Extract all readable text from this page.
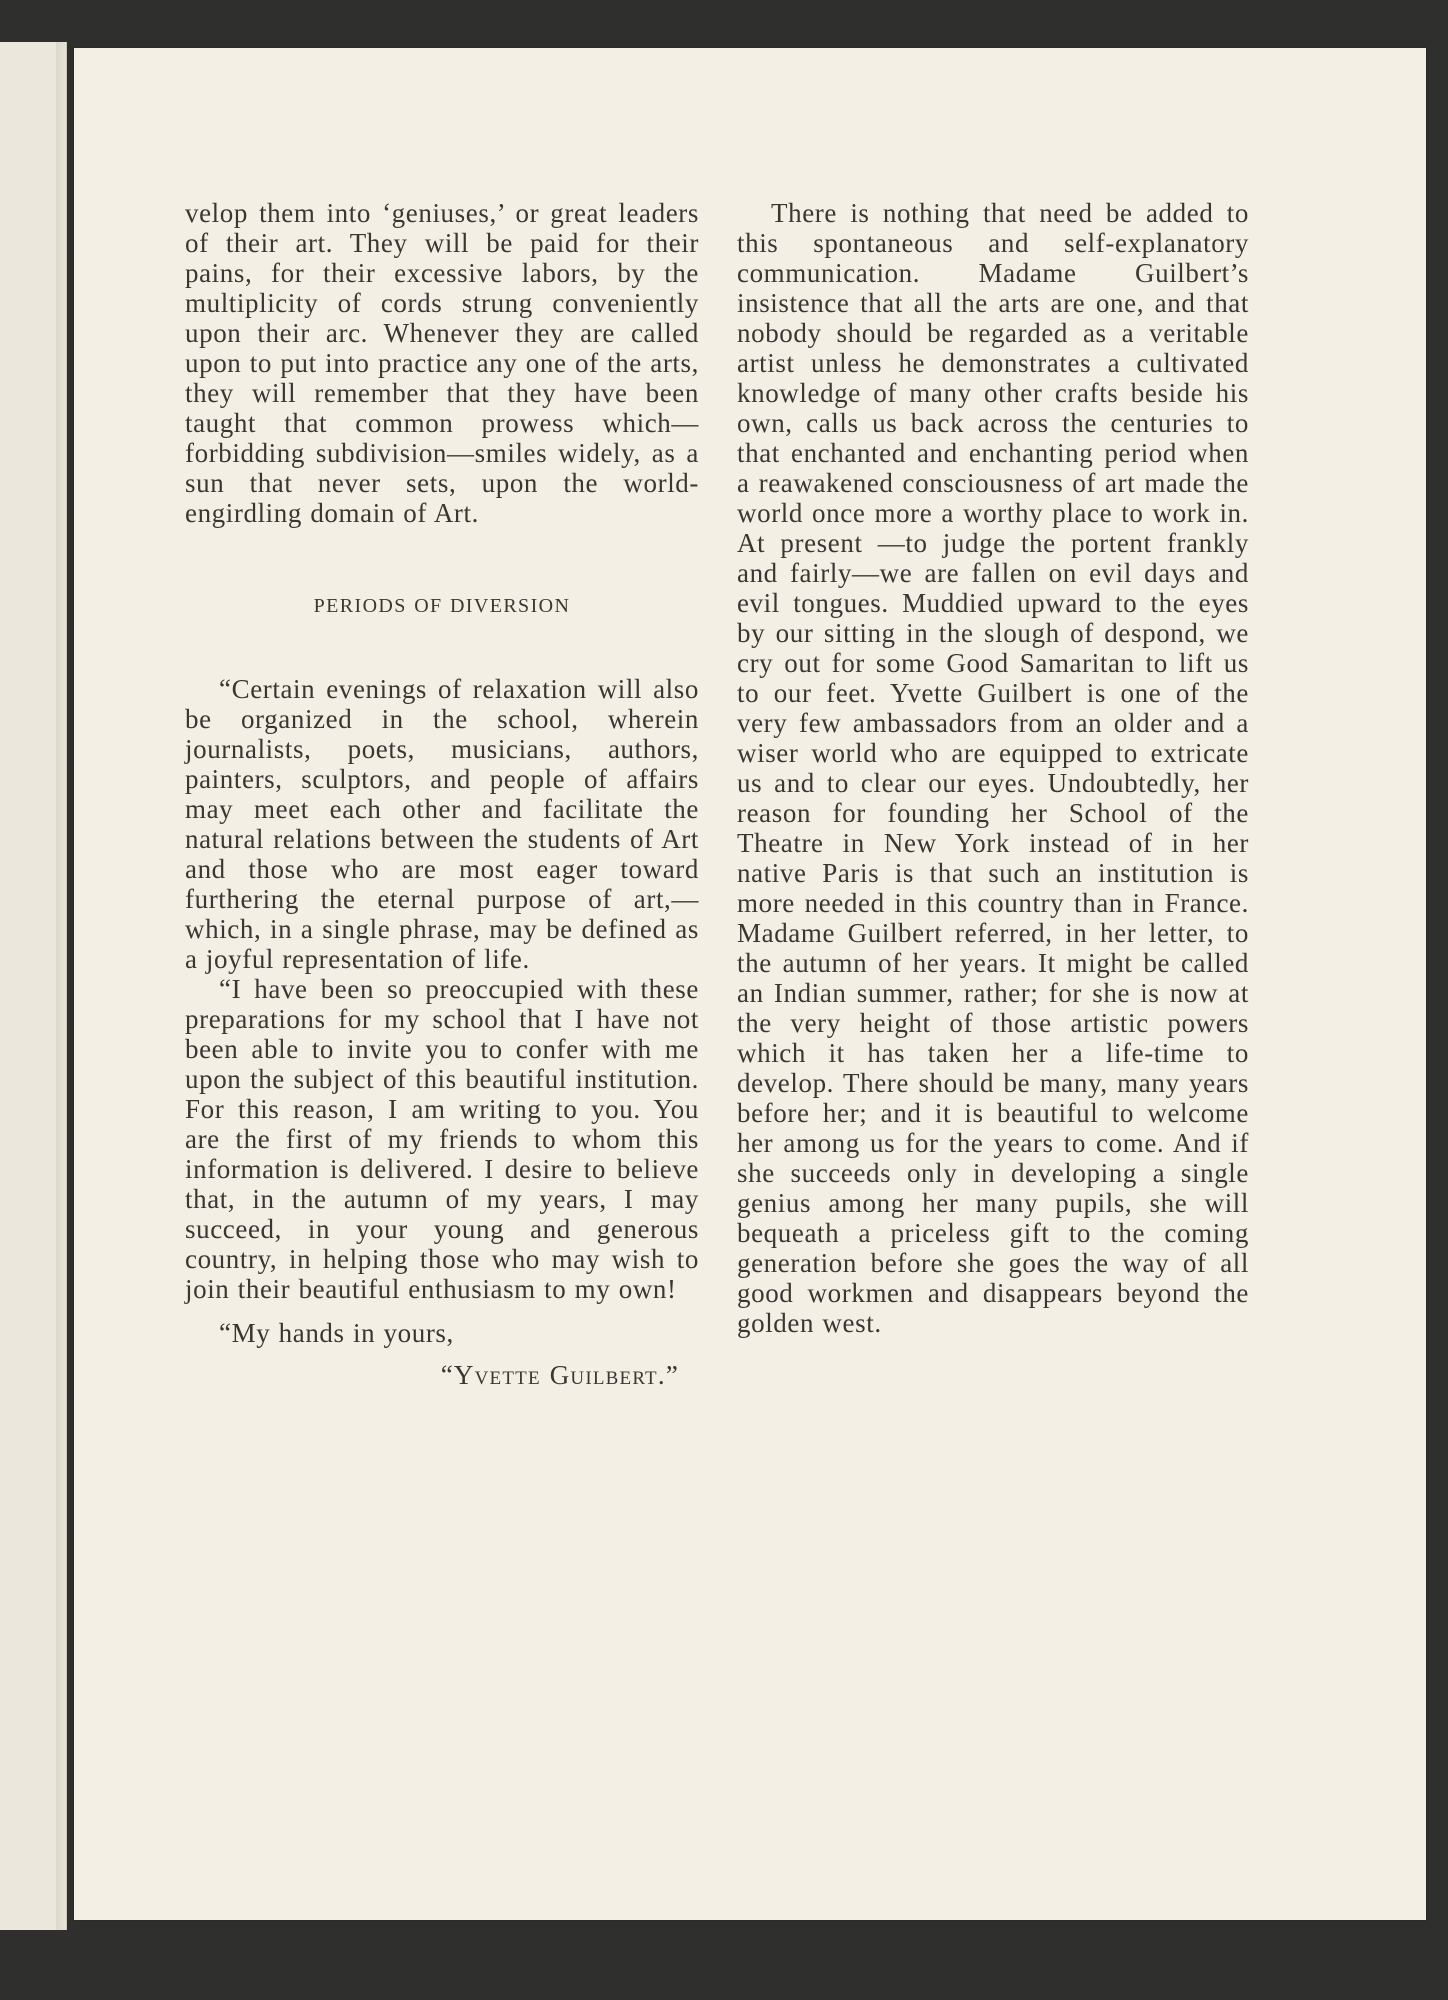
velop them into ‘geniuses,’ or great leaders of their art. They will be paid for their pains, for their excessive labors, by the multiplicity of cords strung conveniently upon their arc. Whenever they are called upon to put into practice any one of the arts, they will remember that they have been taught that common prowess which—forbidding subdivision—smiles widely, as a sun that never sets, upon the world-engirdling domain of Art.

PERIODS OF DIVERSION

“Certain evenings of relaxation will also be organized in the school, wherein journalists, poets, musicians, authors, painters, sculptors, and people of affairs may meet each other and facilitate the natural relations between the students of Art and those who are most eager toward furthering the eternal purpose of art,—which, in a single phrase, may be defined as a joyful representation of life.

“I have been so preoccupied with these preparations for my school that I have not been able to invite you to confer with me upon the subject of this beautiful institution. For this reason, I am writing to you. You are the first of my friends to whom this information is delivered. I desire to believe that, in the autumn of my years, I may succeed, in your young and generous country, in helping those who may wish to join their beautiful enthusiasm to my own!

“My hands in yours,

“Yvette Guilbert.”

There is nothing that need be added to this spontaneous and self-explanatory communication. Madame Guilbert’s insistence that all the arts are one, and that nobody should be regarded as a veritable artist unless he demonstrates a cultivated knowledge of many other crafts beside his own, calls us back across the centuries to that enchanted and enchanting period when a reawakened consciousness of art made the world once more a worthy place to work in. At present —to judge the portent frankly and fairly—we are fallen on evil days and evil tongues. Muddied upward to the eyes by our sitting in the slough of despond, we cry out for some Good Samaritan to lift us to our feet. Yvette Guilbert is one of the very few ambassadors from an older and a wiser world who are equipped to extricate us and to clear our eyes. Undoubtedly, her reason for founding her School of the Theatre in New York instead of in her native Paris is that such an institution is more needed in this country than in France. Madame Guilbert referred, in her letter, to the autumn of her years. It might be called an Indian summer, rather; for she is now at the very height of those artistic powers which it has taken her a life-time to develop. There should be many, many years before her; and it is beautiful to welcome her among us for the years to come. And if she succeeds only in developing a single genius among her many pupils, she will bequeath a priceless gift to the coming generation before she goes the way of all good workmen and disappears beyond the golden west.
